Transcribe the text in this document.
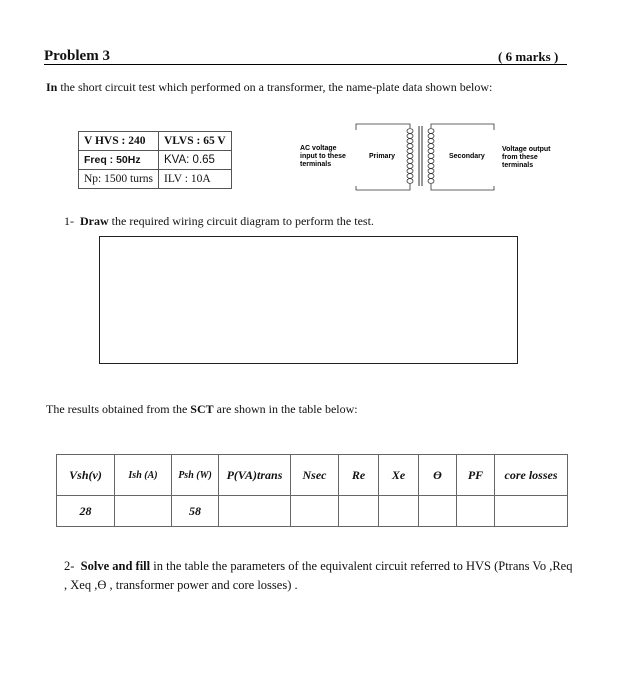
Problem 3	( 6 marks )
In the short circuit test which performed on a transformer, the name-plate data shown below:
V HVS : 240	VLVS : 65 V
Freq : 50Hz	KVA: 0.65
Np: 1500 turns	ILV : 10A
AC voltage
input to these
terminals
Primary	Secondary
Voltage output
from these
terminals
1- Draw the required wiring circuit diagram to perform the test.
The results obtained from the SCT are shown in the table below:
Vsh(v)	Ish (A)	Psh (W)	P(VA)trans	Nsec	Re	Xe	Ө	PF	core losses
28		58							
2- Solve and fill in the table the parameters of the equivalent circuit referred to HVS (Ptrans Vo ,Req , Xeq ,Ө , transformer power and core losses) .
